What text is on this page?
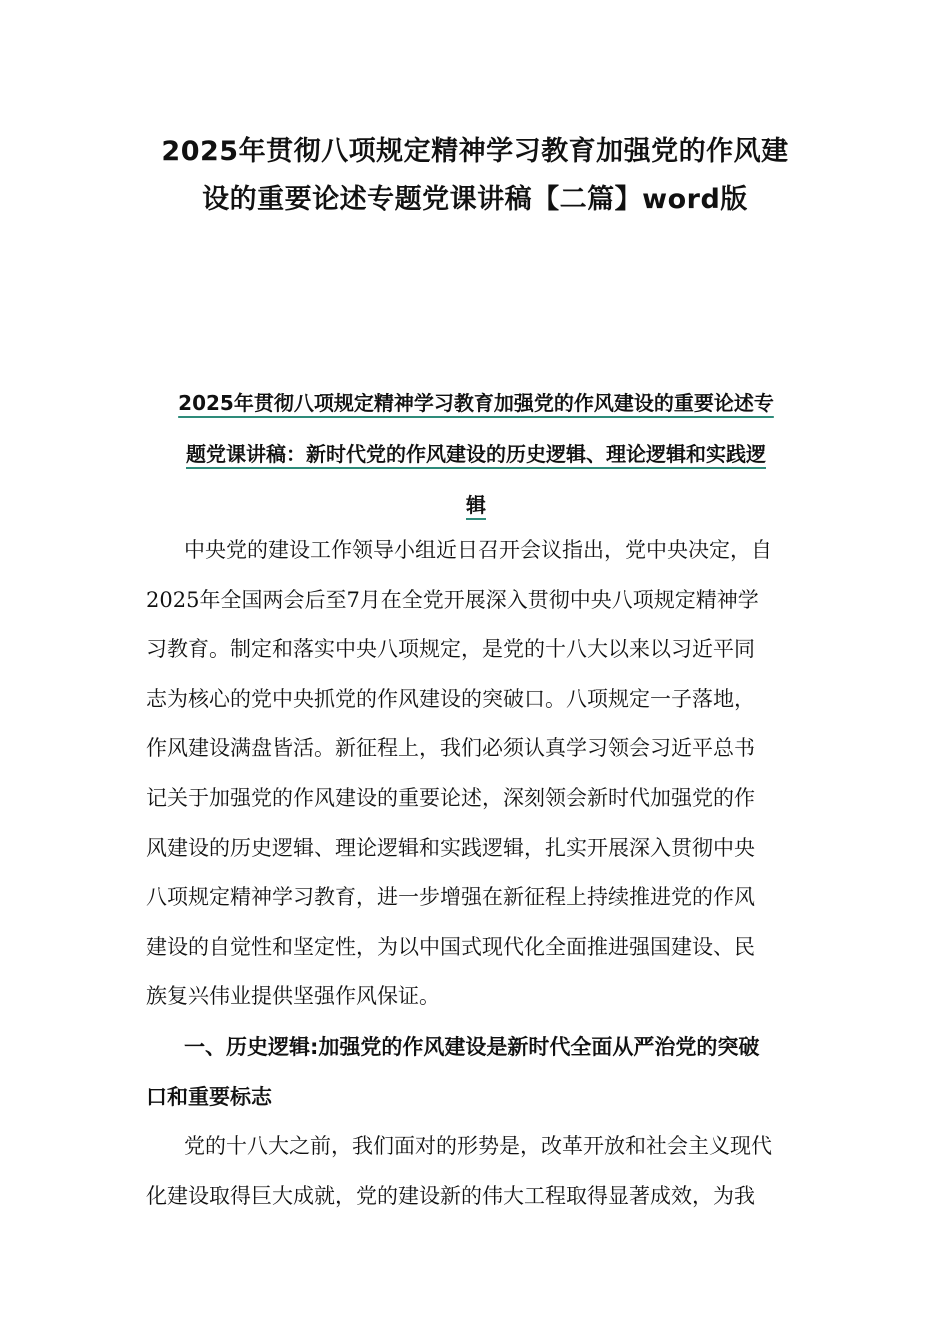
2025年贯彻八项规定精神学习教育加强党的作风建
设的重要论述专题党课讲稿【二篇】word版
2025年贯彻八项规定精神学习教育加强党的作风建设的重要论述专
题党课讲稿：新时代党的作风建设的历史逻辑、理论逻辑和实践逻
辑
中央党的建设工作领导小组近日召开会议指出，党中央决定，自
2025年全国两会后至7月在全党开展深入贯彻中央八项规定精神学
习教育。制定和落实中央八项规定，是党的十八大以来以习近平同
志为核心的党中央抓党的作风建设的突破口。八项规定一子落地，
作风建设满盘皆活。新征程上，我们必须认真学习领会习近平总书
记关于加强党的作风建设的重要论述，深刻领会新时代加强党的作
风建设的历史逻辑、理论逻辑和实践逻辑，扎实开展深入贯彻中央
八项规定精神学习教育，进一步增强在新征程上持续推进党的作风
建设的自觉性和坚定性，为以中国式现代化全面推进强国建设、民
族复兴伟业提供坚强作风保证。
一、历史逻辑:加强党的作风建设是新时代全面从严治党的突破
口和重要标志
党的十八大之前，我们面对的形势是，改革开放和社会主义现代
化建设取得巨大成就，党的建设新的伟大工程取得显著成效，为我
